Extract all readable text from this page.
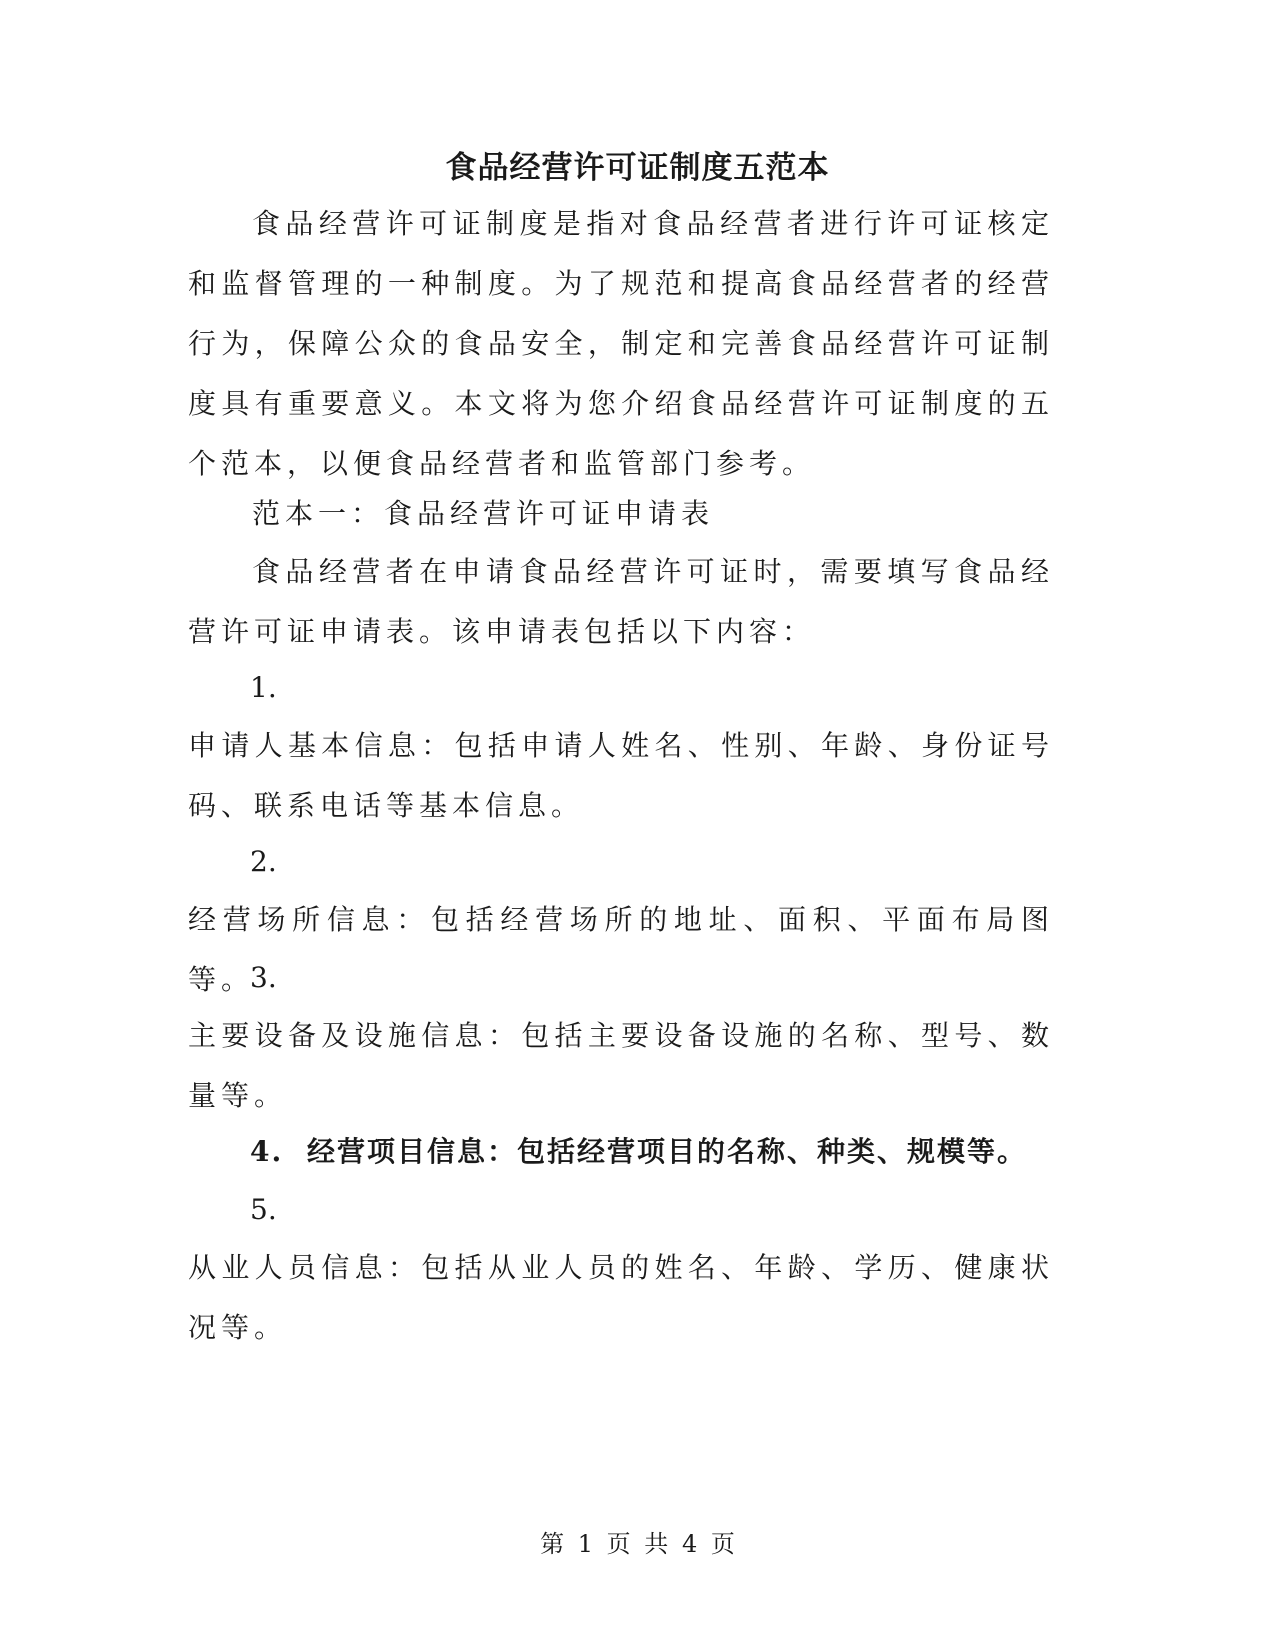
食品经营许可证制度五范本
食品经营许可证制度是指对食品经营者进行许可证核定和监督管理的一种制度。为了规范和提高食品经营者的经营行为，保障公众的食品安全，制定和完善食品经营许可证制度具有重要意义。本文将为您介绍食品经营许可证制度的五个范本，以便食品经营者和监管部门参考。
范本一：食品经营许可证申请表
食品经营者在申请食品经营许可证时，需要填写食品经营许可证申请表。该申请表包括以下内容：
1.
申请人基本信息：包括申请人姓名、性别、年龄、身份证号码、联系电话等基本信息。
2.
经营场所信息：包括经营场所的地址、面积、平面布局图等。
3.
主要设备及设施信息：包括主要设备设施的名称、型号、数量等。
4. 经营项目信息：包括经营项目的名称、种类、规模等。
5.
从业人员信息：包括从业人员的姓名、年龄、学历、健康状况等。
第 1 页 共 4 页
